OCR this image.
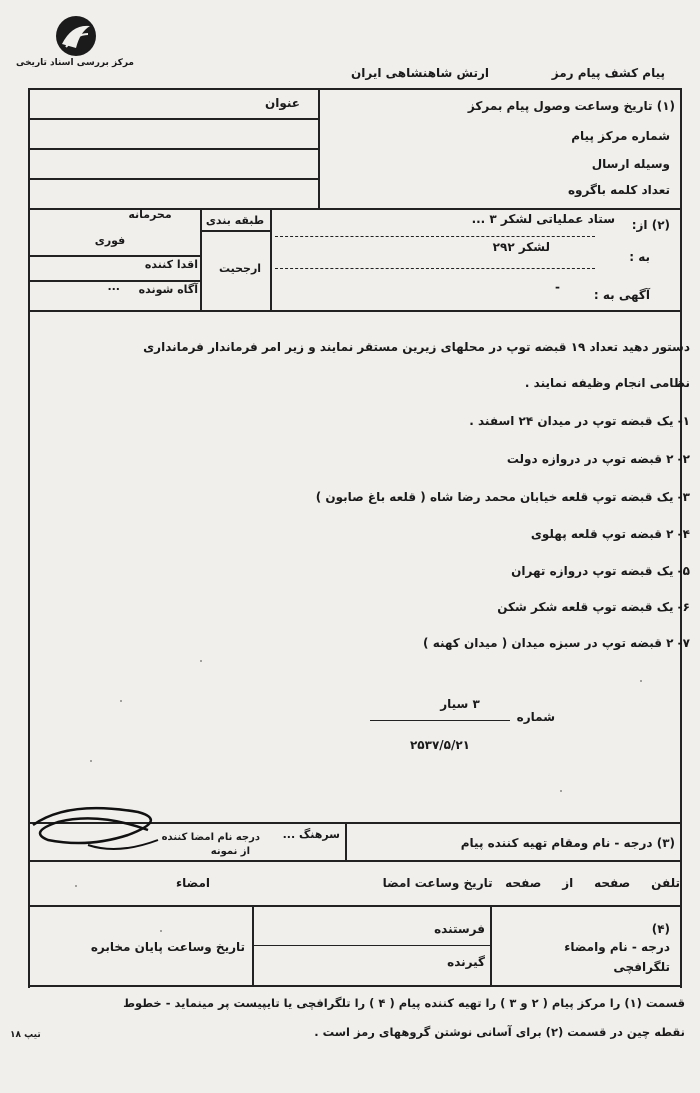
مرکز بررسی اسناد تاریخی
ارتش شاهنشاهی ایران	پیام کشف پیام رمز
عنوان	(۱) تاریخ وساعت وصول پیام بمرکز
شماره مرکز پیام
وسیله ارسال
تعداد کلمه باگروه
(۲) از:
ستاد عملیاتی لشکر ۳ ...
به :
لشکر ۲۹۲
آگهی به :
-
محرمانه	طبقه بندی
ارجحیت
فوری
اقدا کننده
آگاه شونده
...
دستور دهید تعداد ۱۹ قبضه توپ در محلهای زیرین مستقر نمایند و زیر امر فرماندار فرمانداری
نظامی انجام وظیفه نمایند .
۱- یک قبضه توپ در میدان ۲۴ اسفند .
۲- ۲ قبضه توپ در دروازه دولت
۳- یک قبضه توپ قلعه خیابان محمد رضا شاه ( قلعه باغ صابون )
۴- ۲ قبضه توپ قلعه پهلوی
۵- یک قبضه توپ دروازه تهران
۶- یک قبضه توپ قلعه شکر شکن
۷- ۲ قبضه توپ در سبزه میدان ( میدان کهنه )
شماره
۳ سیار
۲۵۳۷/۵/۲۱
(۳) درجه - نام ومقام تهیه کننده پیام
سرهنگ ...
درجه نام امضا کننده
از نمونه
تلفن     صفحه     از     صفحه   تاریخ وساعت امضا
امضاء
(۴)
درجه - نام وامضاء
تلگرافچی
فرستنده
گیرنده
تاریخ وساعت پایان مخابره
قسمت (۱) را مرکز پیام ( ۲ و ۳ ) را تهیه کننده پیام ( ۴ ) را تلگرافچی یا تایپیست پر مینماید - خطوط
نقطه چین در قسمت (۲) برای آسانی نوشتن گروههای رمز است .
تیپ ۱۸
